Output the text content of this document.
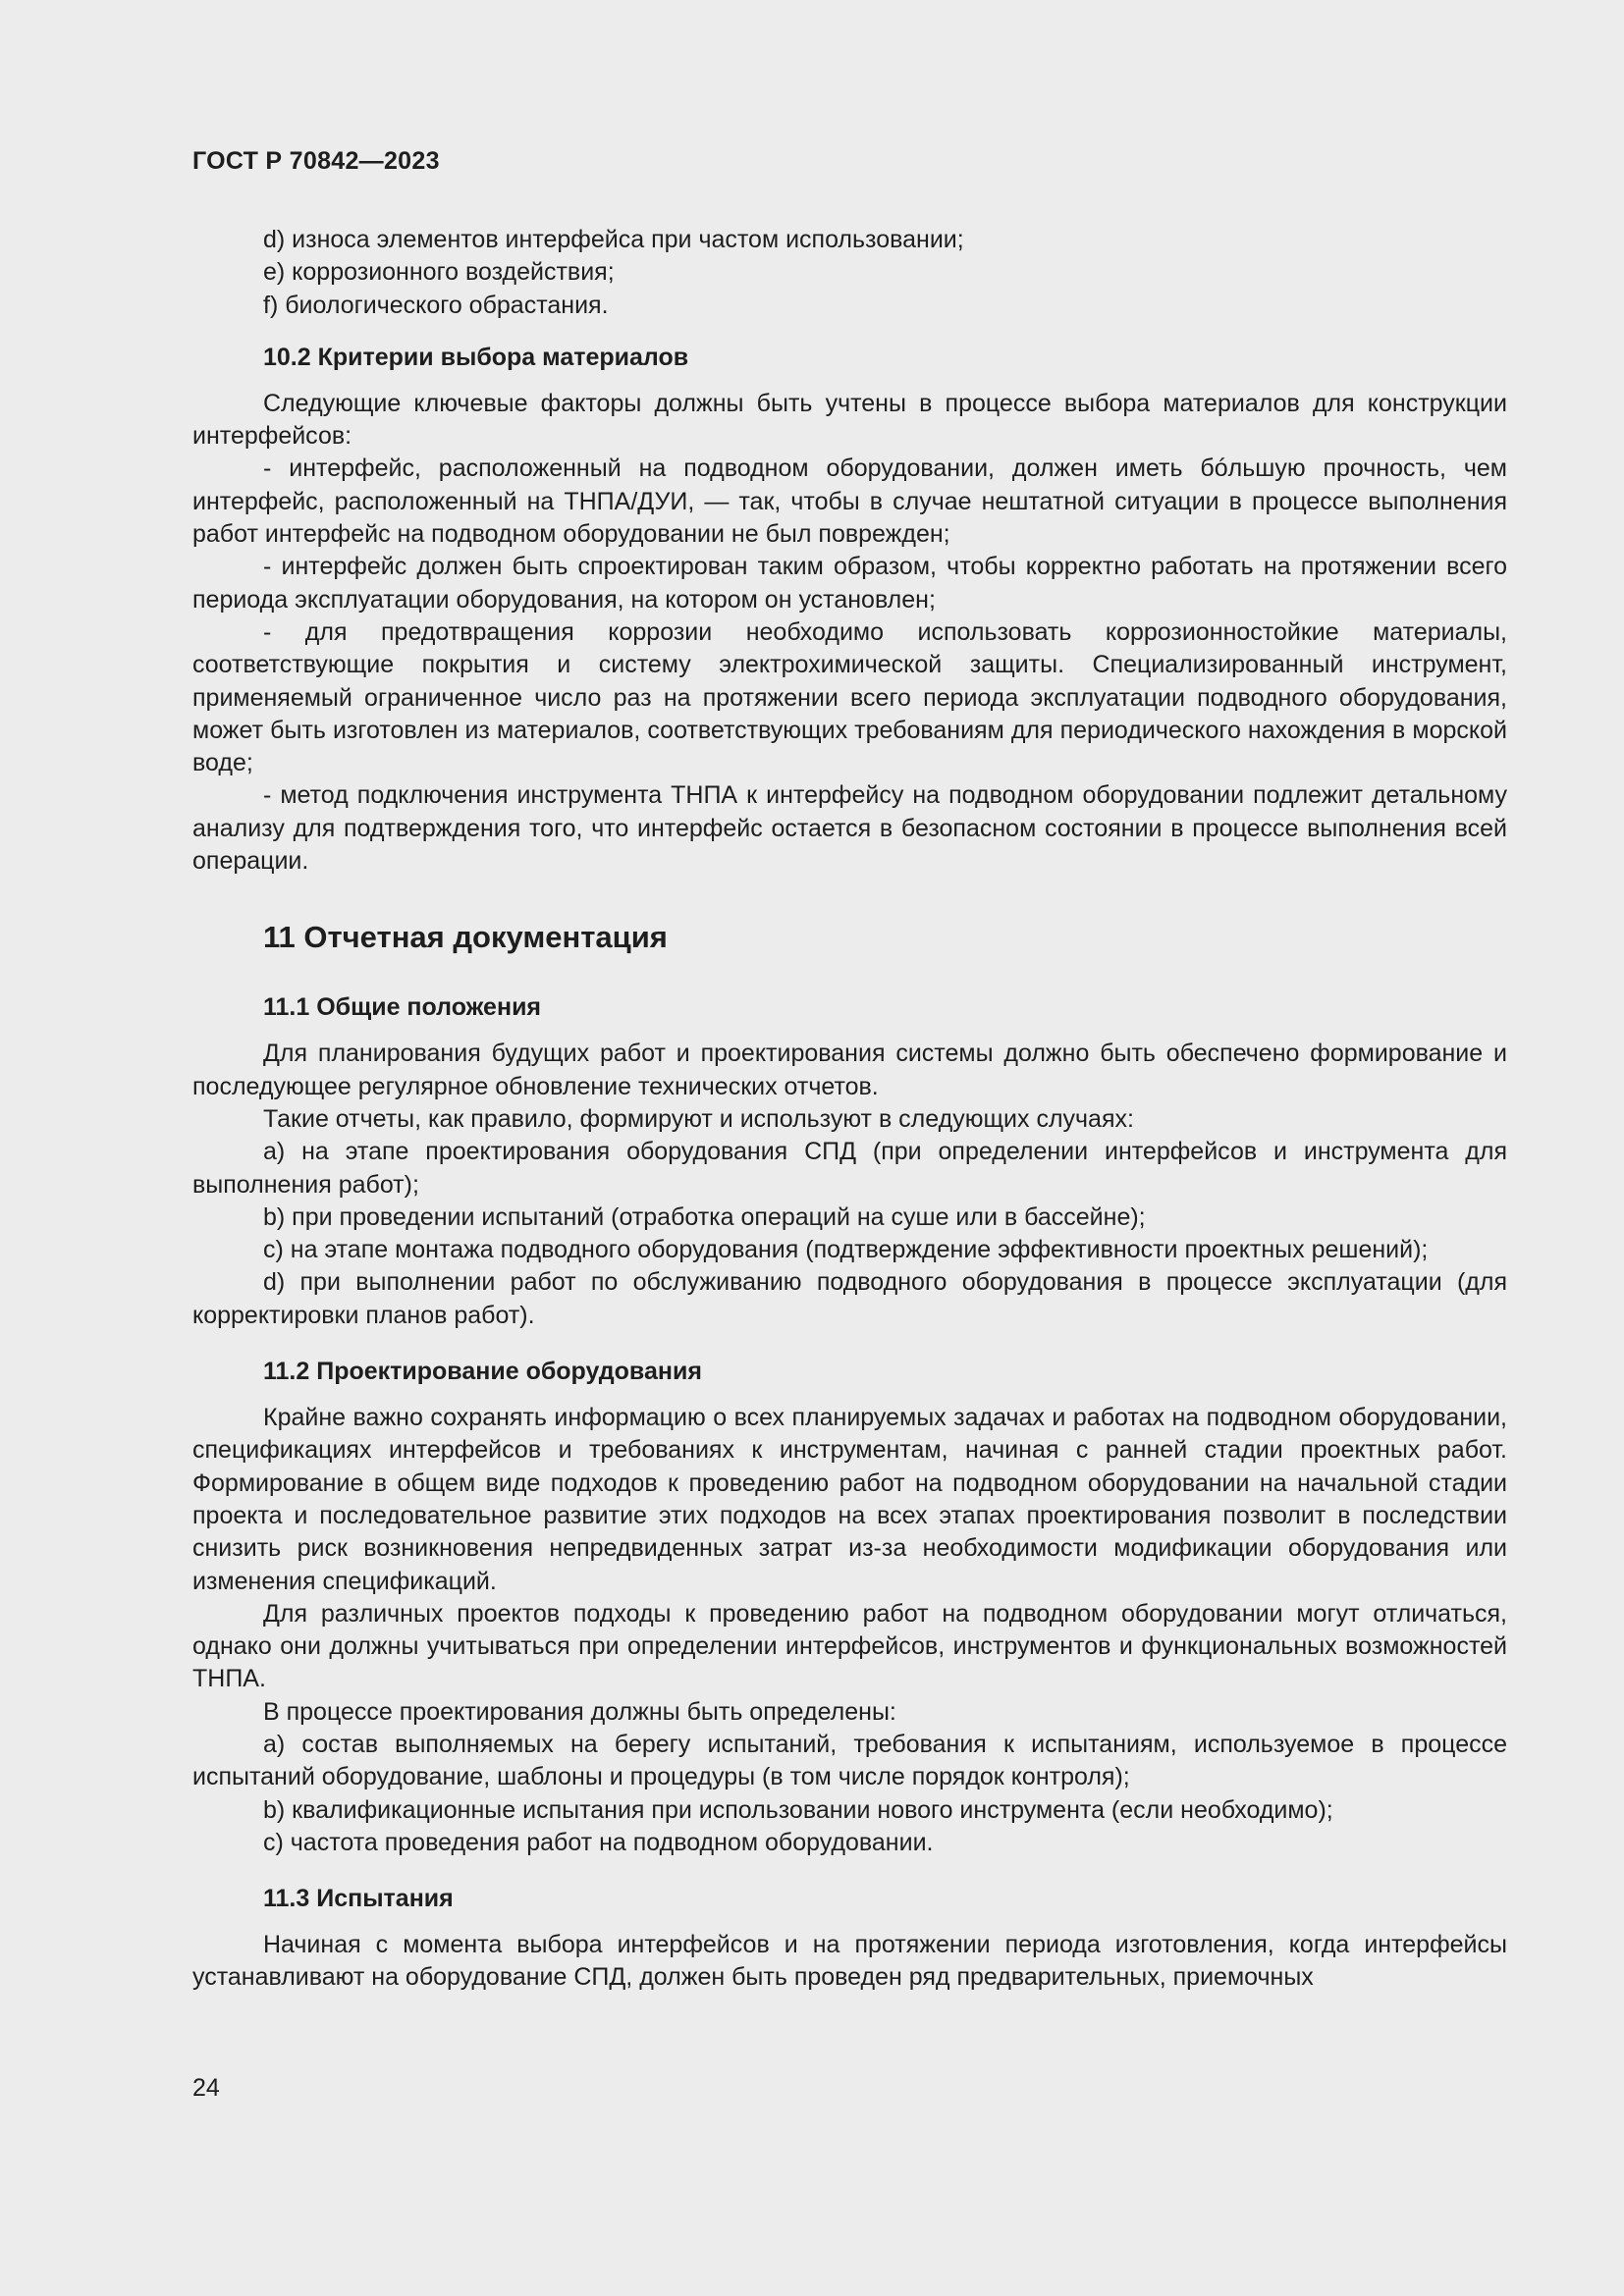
ГОСТ Р 70842—2023

d) износа элементов интерфейса при частом использовании;

e) коррозионного воздействия;

f) биологического обрастания.

10.2 Критерии выбора материалов

Следующие ключевые факторы должны быть учтены в процессе выбора материалов для конструкции интерфейсов:

- интерфейс, расположенный на подводном оборудовании, должен иметь бóльшую прочность, чем интерфейс, расположенный на ТНПА/ДУИ, — так, чтобы в случае нештатной ситуации в процессе выполнения работ интерфейс на подводном оборудовании не был поврежден;

- интерфейс должен быть спроектирован таким образом, чтобы корректно работать на протяжении всего периода эксплуатации оборудования, на котором он установлен;

- для предотвращения коррозии необходимо использовать коррозионностойкие материалы, соответствующие покрытия и систему электрохимической защиты. Специализированный инструмент, применяемый ограниченное число раз на протяжении всего периода эксплуатации подводного оборудования, может быть изготовлен из материалов, соответствующих требованиям для периодического нахождения в морской воде;

- метод подключения инструмента ТНПА к интерфейсу на подводном оборудовании подлежит детальному анализу для подтверждения того, что интерфейс остается в безопасном состоянии в процессе выполнения всей операции.

11 Отчетная документация
11.1 Общие положения

Для планирования будущих работ и проектирования системы должно быть обеспечено формирование и последующее регулярное обновление технических отчетов.

Такие отчеты, как правило, формируют и используют в следующих случаях:

a) на этапе проектирования оборудования СПД (при определении интерфейсов и инструмента для выполнения работ);

b) при проведении испытаний (отработка операций на суше или в бассейне);

c) на этапе монтажа подводного оборудования (подтверждение эффективности проектных решений);

d) при выполнении работ по обслуживанию подводного оборудования в процессе эксплуатации (для корректировки планов работ).

11.2 Проектирование оборудования

Крайне важно сохранять информацию о всех планируемых задачах и работах на подводном оборудовании, спецификациях интерфейсов и требованиях к инструментам, начиная с ранней стадии проектных работ. Формирование в общем виде подходов к проведению работ на подводном оборудовании на начальной стадии проекта и последовательное развитие этих подходов на всех этапах проектирования позволит в последствии снизить риск возникновения непредвиденных затрат из-за необходимости модификации оборудования или изменения спецификаций.

Для различных проектов подходы к проведению работ на подводном оборудовании могут отличаться, однако они должны учитываться при определении интерфейсов, инструментов и функциональных возможностей ТНПА.

В процессе проектирования должны быть определены:

a) состав выполняемых на берегу испытаний, требования к испытаниям, используемое в процессе испытаний оборудование, шаблоны и процедуры (в том числе порядок контроля);

b) квалификационные испытания при использовании нового инструмента (если необходимо);

c) частота проведения работ на подводном оборудовании.

11.3 Испытания

Начиная с момента выбора интерфейсов и на протяжении периода изготовления, когда интерфейсы устанавливают на оборудование СПД, должен быть проведен ряд предварительных, приемочных

24
